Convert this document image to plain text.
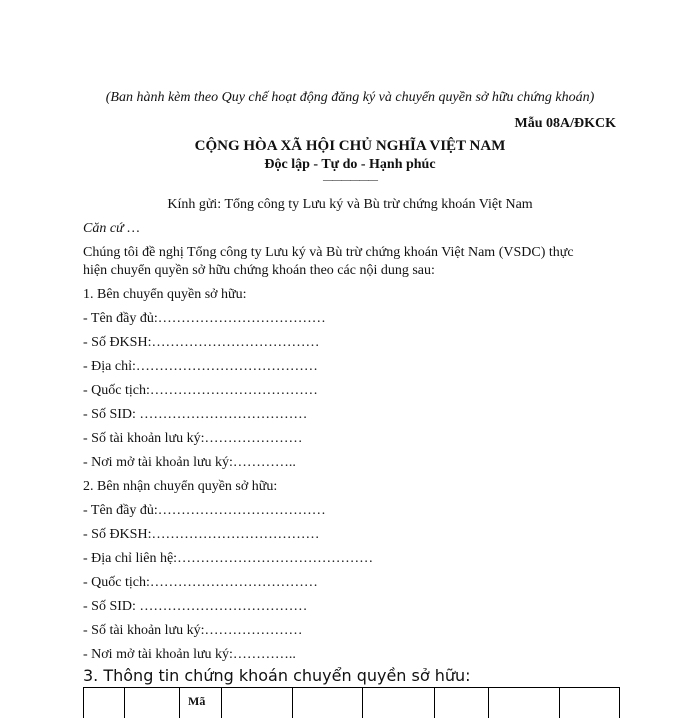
(Ban hành kèm theo Quy chế hoạt động đăng ký và chuyển quyền sở hữu chứng khoán)
Mẫu 08A/ĐKCK
CỘNG HÒA XÃ HỘI CHỦ NGHĨA VIỆT NAM
Độc lập - Tự do - Hạnh phúc
——————
Kính gửi: Tổng công ty Lưu ký và Bù trừ chứng khoán Việt Nam
Căn cứ …
Chúng tôi đề nghị Tổng công ty Lưu ký và Bù trừ chứng khoán Việt Nam (VSDC) thực
hiện chuyển quyền sở hữu chứng khoán theo các nội dung sau:
1. Bên chuyển quyền sở hữu:
- Tên đầy đủ:………………………………
- Số ĐKSH:………………………………
- Địa chỉ:…………………………………
- Quốc tịch:………………………………
- Số SID: ………………………………
- Số tài khoản lưu ký:…………………
- Nơi mở tài khoản lưu ký:…………..
2. Bên nhận chuyển quyền sở hữu:
- Tên đầy đủ:………………………………
- Số ĐKSH:………………………………
- Địa chỉ liên hệ:……………………………………
- Quốc tịch:………………………………
- Số SID: ………………………………
- Số tài khoản lưu ký:…………………
- Nơi mở tài khoản lưu ký:…………..
3. Thông tin chứng khoán chuyển quyền sở hữu:
Mã
